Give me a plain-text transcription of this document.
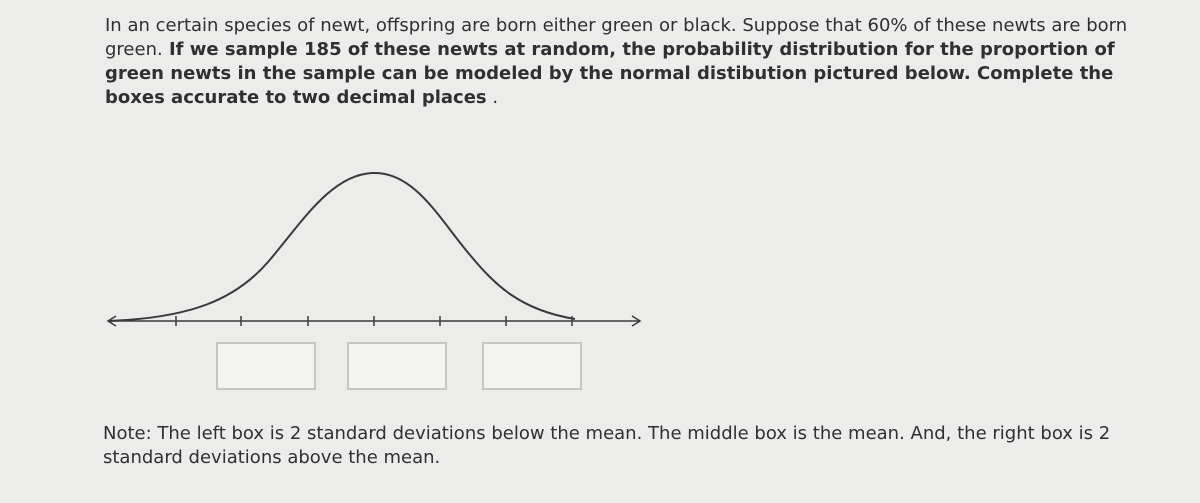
In an certain species of newt, offspring are born either green or black. Suppose that 60% of these newts are born green. If we sample 185 of these newts at random, the probability distribution for the proportion of green newts in the sample can be modeled by the normal distibution pictured below. Complete the boxes accurate to two decimal places .

Note: The left box is 2 standard deviations below the mean. The middle box is the mean. And, the right box is 2 standard deviations above the mean.
